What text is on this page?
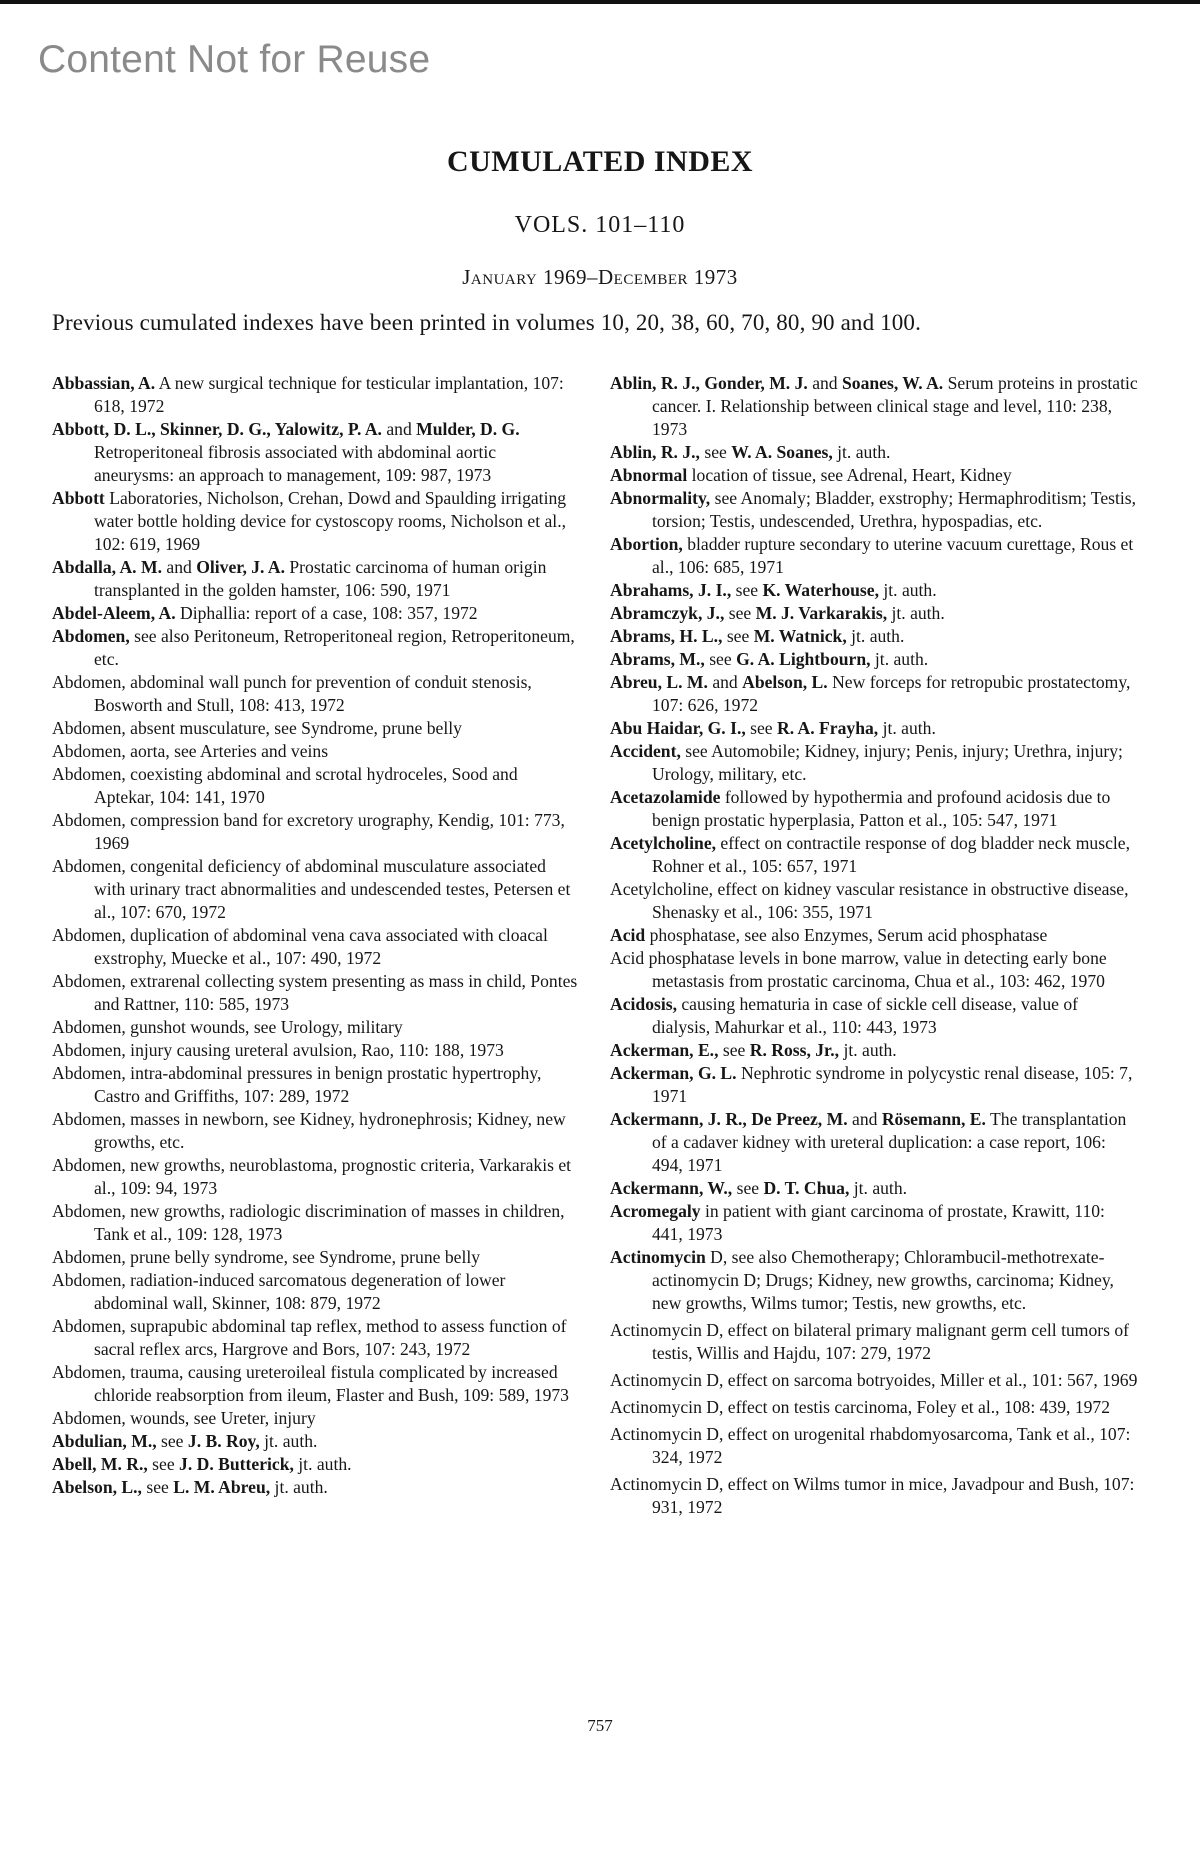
Content Not for Reuse
CUMULATED INDEX
VOLS. 101–110
January 1969–December 1973
Previous cumulated indexes have been printed in volumes 10, 20, 38, 60, 70, 80, 90 and 100.
Abbassian, A. A new surgical technique for testicular implantation, 107: 618, 1972
Abbott, D. L., Skinner, D. G., Yalowitz, P. A. and Mulder, D. G. Retroperitoneal fibrosis associated with abdominal aortic aneurysms: an approach to management, 109: 987, 1973
Abbott Laboratories, Nicholson, Crehan, Dowd and Spaulding irrigating water bottle holding device for cystoscopy rooms, Nicholson et al., 102: 619, 1969
Abdalla, A. M. and Oliver, J. A. Prostatic carcinoma of human origin transplanted in the golden hamster, 106: 590, 1971
Abdel-Aleem, A. Diphallia: report of a case, 108: 357, 1972
Abdomen, see also Peritoneum, Retroperitoneal region, Retroperitoneum, etc.
Abdomen, abdominal wall punch for prevention of conduit stenosis, Bosworth and Stull, 108: 413, 1972
Abdomen, absent musculature, see Syndrome, prune belly
Abdomen, aorta, see Arteries and veins
Abdomen, coexisting abdominal and scrotal hydroceles, Sood and Aptekar, 104: 141, 1970
Abdomen, compression band for excretory urography, Kendig, 101: 773, 1969
Abdomen, congenital deficiency of abdominal musculature associated with urinary tract abnormalities and undescended testes, Petersen et al., 107: 670, 1972
Abdomen, duplication of abdominal vena cava associated with cloacal exstrophy, Muecke et al., 107: 490, 1972
Abdomen, extrarenal collecting system presenting as mass in child, Pontes and Rattner, 110: 585, 1973
Abdomen, gunshot wounds, see Urology, military
Abdomen, injury causing ureteral avulsion, Rao, 110: 188, 1973
Abdomen, intra-abdominal pressures in benign prostatic hypertrophy, Castro and Griffiths, 107: 289, 1972
Abdomen, masses in newborn, see Kidney, hydronephrosis; Kidney, new growths, etc.
Abdomen, new growths, neuroblastoma, prognostic criteria, Varkarakis et al., 109: 94, 1973
Abdomen, new growths, radiologic discrimination of masses in children, Tank et al., 109: 128, 1973
Abdomen, prune belly syndrome, see Syndrome, prune belly
Abdomen, radiation-induced sarcomatous degeneration of lower abdominal wall, Skinner, 108: 879, 1972
Abdomen, suprapubic abdominal tap reflex, method to assess function of sacral reflex arcs, Hargrove and Bors, 107: 243, 1972
Abdomen, trauma, causing ureteroileal fistula complicated by increased chloride reabsorption from ileum, Flaster and Bush, 109: 589, 1973
Abdomen, wounds, see Ureter, injury
Abdulian, M., see J. B. Roy, jt. auth.
Abell, M. R., see J. D. Butterick, jt. auth.
Abelson, L., see L. M. Abreu, jt. auth.
Ablin, R. J., Gonder, M. J. and Soanes, W. A. Serum proteins in prostatic cancer. I. Relationship between clinical stage and level, 110: 238, 1973
Ablin, R. J., see W. A. Soanes, jt. auth.
Abnormal location of tissue, see Adrenal, Heart, Kidney
Abnormality, see Anomaly; Bladder, exstrophy; Hermaphroditism; Testis, torsion; Testis, undescended, Urethra, hypospadias, etc.
Abortion, bladder rupture secondary to uterine vacuum curettage, Rous et al., 106: 685, 1971
Abrahams, J. I., see K. Waterhouse, jt. auth.
Abramczyk, J., see M. J. Varkarakis, jt. auth.
Abrams, H. L., see M. Watnick, jt. auth.
Abrams, M., see G. A. Lightbourn, jt. auth.
Abreu, L. M. and Abelson, L. New forceps for retropubic prostatectomy, 107: 626, 1972
Abu Haidar, G. I., see R. A. Frayha, jt. auth.
Accident, see Automobile; Kidney, injury; Penis, injury; Urethra, injury; Urology, military, etc.
Acetazolamide followed by hypothermia and profound acidosis due to benign prostatic hyperplasia, Patton et al., 105: 547, 1971
Acetylcholine, effect on contractile response of dog bladder neck muscle, Rohner et al., 105: 657, 1971
Acetylcholine, effect on kidney vascular resistance in obstructive disease, Shenasky et al., 106: 355, 1971
Acid phosphatase, see also Enzymes, Serum acid phosphatase
Acid phosphatase levels in bone marrow, value in detecting early bone metastasis from prostatic carcinoma, Chua et al., 103: 462, 1970
Acidosis, causing hematuria in case of sickle cell disease, value of dialysis, Mahurkar et al., 110: 443, 1973
Ackerman, E., see R. Ross, Jr., jt. auth.
Ackerman, G. L. Nephrotic syndrome in polycystic renal disease, 105: 7, 1971
Ackermann, J. R., De Preez, M. and Rösemann, E. The transplantation of a cadaver kidney with ureteral duplication: a case report, 106: 494, 1971
Ackermann, W., see D. T. Chua, jt. auth.
Acromegaly in patient with giant carcinoma of prostate, Krawitt, 110: 441, 1973
Actinomycin D, see also Chemotherapy; Chlorambucil-methotrexate-actinomycin D; Drugs; Kidney, new growths, carcinoma; Kidney, new growths, Wilms tumor; Testis, new growths, etc.
Actinomycin D, effect on bilateral primary malignant germ cell tumors of testis, Willis and Hajdu, 107: 279, 1972
Actinomycin D, effect on sarcoma botryoides, Miller et al., 101: 567, 1969
Actinomycin D, effect on testis carcinoma, Foley et al., 108: 439, 1972
Actinomycin D, effect on urogenital rhabdomyosarcoma, Tank et al., 107: 324, 1972
Actinomycin D, effect on Wilms tumor in mice, Javadpour and Bush, 107: 931, 1972
757
